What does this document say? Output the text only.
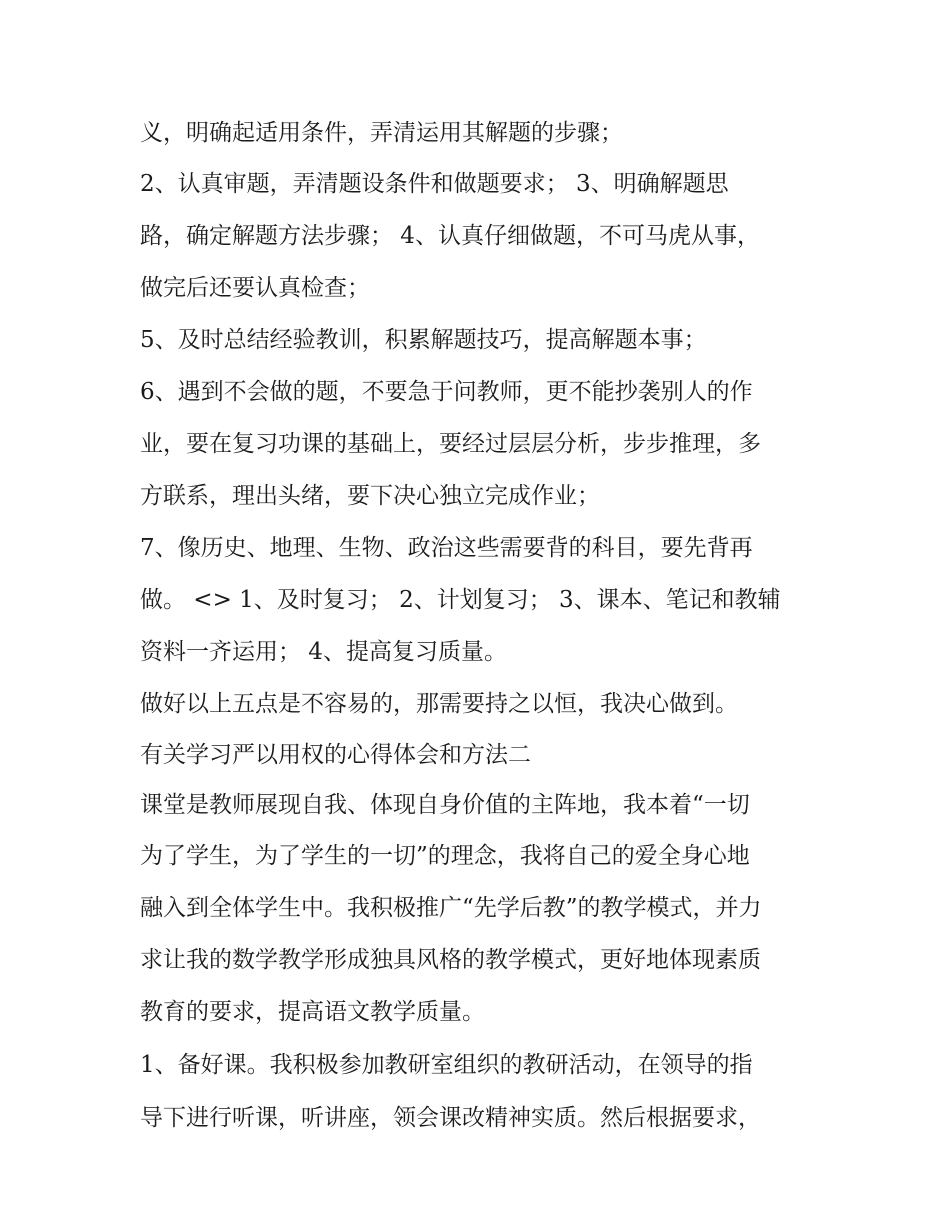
义，明确起适用条件，弄清运用其解题的步骤；
2、认真审题，弄清题设条件和做题要求； 3、明确解题思
路，确定解题方法步骤； 4、认真仔细做题，不可马虎从事，
做完后还要认真检查；
5、及时总结经验教训，积累解题技巧，提高解题本事；
6、遇到不会做的题，不要急于问教师，更不能抄袭别人的作
业，要在复习功课的基础上，要经过层层分析，步步推理，多
方联系，理出头绪，要下决心独立完成作业；
7、像历史、地理、生物、政治这些需要背的科目，要先背再
做。 <> 1、及时复习； 2、计划复习； 3、课本、笔记和教辅
资料一齐运用； 4、提高复习质量。
做好以上五点是不容易的，那需要持之以恒，我决心做到。
有关学习严以用权的心得体会和方法二
课堂是教师展现自我、体现自身价值的主阵地，我本着“一切
为了学生，为了学生的一切”的理念，我将自己的爱全身心地
融入到全体学生中。我积极推广“先学后教”的教学模式，并力
求让我的数学教学形成独具风格的教学模式，更好地体现素质
教育的要求，提高语文教学质量。
1、备好课。我积极参加教研室组织的教研活动，在领导的指
导下进行听课，听讲座，领会课改精神实质。然后根据要求，
